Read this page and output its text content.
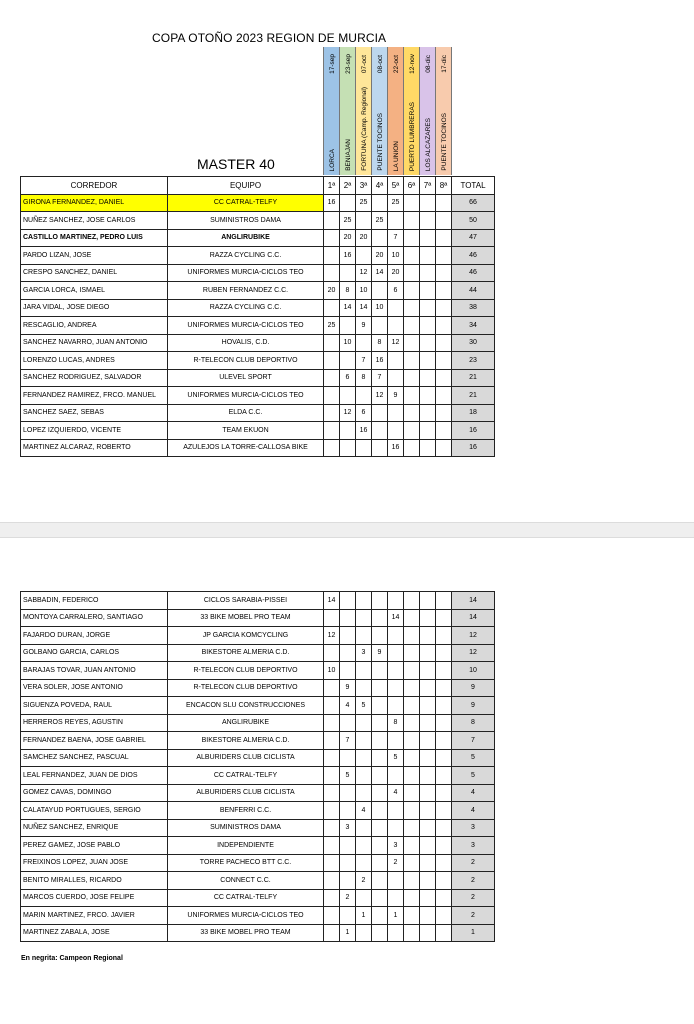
COPA OTOÑO 2023 REGION DE MURCIA
MASTER 40
17-sep
LORCA
23-sep
BENIAJAN
07-oct
FORTUNA (Camp. Regional)
08-oct
PUENTE TOCINOS
22-oct
LA UNION
12-nov
PUERTO LUMBRERAS
08-dic
LOS ALCAZARES
17-dic
PUENTE TOCINOS
CORREDOR	EQUIPO	1ª	2ª	3ª	4ª	5ª	6ª	7ª	8ª	TOTAL
GIRONA FERNANDEZ, DANIEL	CC CATRAL-TELFY	16		25		25				66
NUÑEZ SANCHEZ, JOSE CARLOS	SUMINISTROS DAMA		25		25					50
CASTILLO MARTINEZ, PEDRO LUIS	ANGLIRUBIKE		20	20		7				47
PARDO LIZAN, JOSE	RAZZA CYCLING C.C.		16		20	10				46
CRESPO SANCHEZ, DANIEL	UNIFORMES MURCIA-CICLOS TEO			12	14	20				46
GARCIA LORCA, ISMAEL	RUBEN FERNANDEZ C.C.	20	8	10		6				44
JARA VIDAL, JOSE DIEGO	RAZZA CYCLING C.C.		14	14	10					38
RESCAGLIO, ANDREA	UNIFORMES MURCIA-CICLOS TEO	25		9						34
SANCHEZ NAVARRO, JUAN ANTONIO	HOVALIS, C.D.		10		8	12				30
LORENZO LUCAS, ANDRES	R-TELECON CLUB DEPORTIVO			7	16					23
SANCHEZ RODRIGUEZ, SALVADOR	ULEVEL SPORT		6	8	7					21
FERNANDEZ RAMIREZ, FRCO. MANUEL	UNIFORMES MURCIA-CICLOS TEO				12	9				21
SANCHEZ SAEZ, SEBAS	ELDA C.C.		12	6						18
LOPEZ IZQUIERDO, VICENTE	TEAM EKUON			16						16
MARTINEZ ALCARAZ, ROBERTO	AZULEJOS LA TORRE-CALLOSA BIKE					16				16
SABBADIN, FEDERICO	CICLOS SARABIA-PISSEI	14								14
MONTOYA CARRALERO, SANTIAGO	33 BIKE MOBEL PRO TEAM					14				14
FAJARDO DURAN, JORGE	JP GARCIA KOMCYCLING	12								12
GOLBANO GARCIA, CARLOS	BIKESTORE ALMERIA C.D.			3	9					12
BARAJAS TOVAR, JUAN ANTONIO	R-TELECON CLUB DEPORTIVO	10								10
VERA SOLER, JOSE ANTONIO	R-TELECON CLUB DEPORTIVO		9							9
SIGUENZA POVEDA, RAUL	ENCACON SLU CONSTRUCCIONES		4	5						9
HERREROS REYES, AGUSTIN	ANGLIRUBIKE					8				8
FERNANDEZ BAENA, JOSE GABRIEL	BIKESTORE ALMERIA C.D.		7							7
SAMCHEZ SANCHEZ, PASCUAL	ALBURIDERS CLUB CICLISTA					5				5
LEAL FERNANDEZ, JUAN DE DIOS	CC CATRAL-TELFY		5							5
GOMEZ CAVAS, DOMINGO	ALBURIDERS CLUB CICLISTA					4				4
CALATAYUD PORTUGUES, SERGIO	BENFERRI C.C.			4						4
NUÑEZ SANCHEZ, ENRIQUE	SUMINISTROS DAMA		3							3
PEREZ GAMEZ, JOSE PABLO	INDEPENDIENTE					3				3
FREIXINOS LOPEZ, JUAN JOSE	TORRE PACHECO BTT C.C.					2				2
BENITO MIRALLES, RICARDO	CONNECT C.C.			2						2
MARCOS CUERDO, JOSE FELIPE	CC CATRAL-TELFY		2							2
MARIN MARTINEZ, FRCO. JAVIER	UNIFORMES MURCIA-CICLOS TEO			1		1				2
MARTINEZ ZABALA, JOSE	33 BIKE MOBEL PRO TEAM		1							1
En negrita: Campeon Regional
